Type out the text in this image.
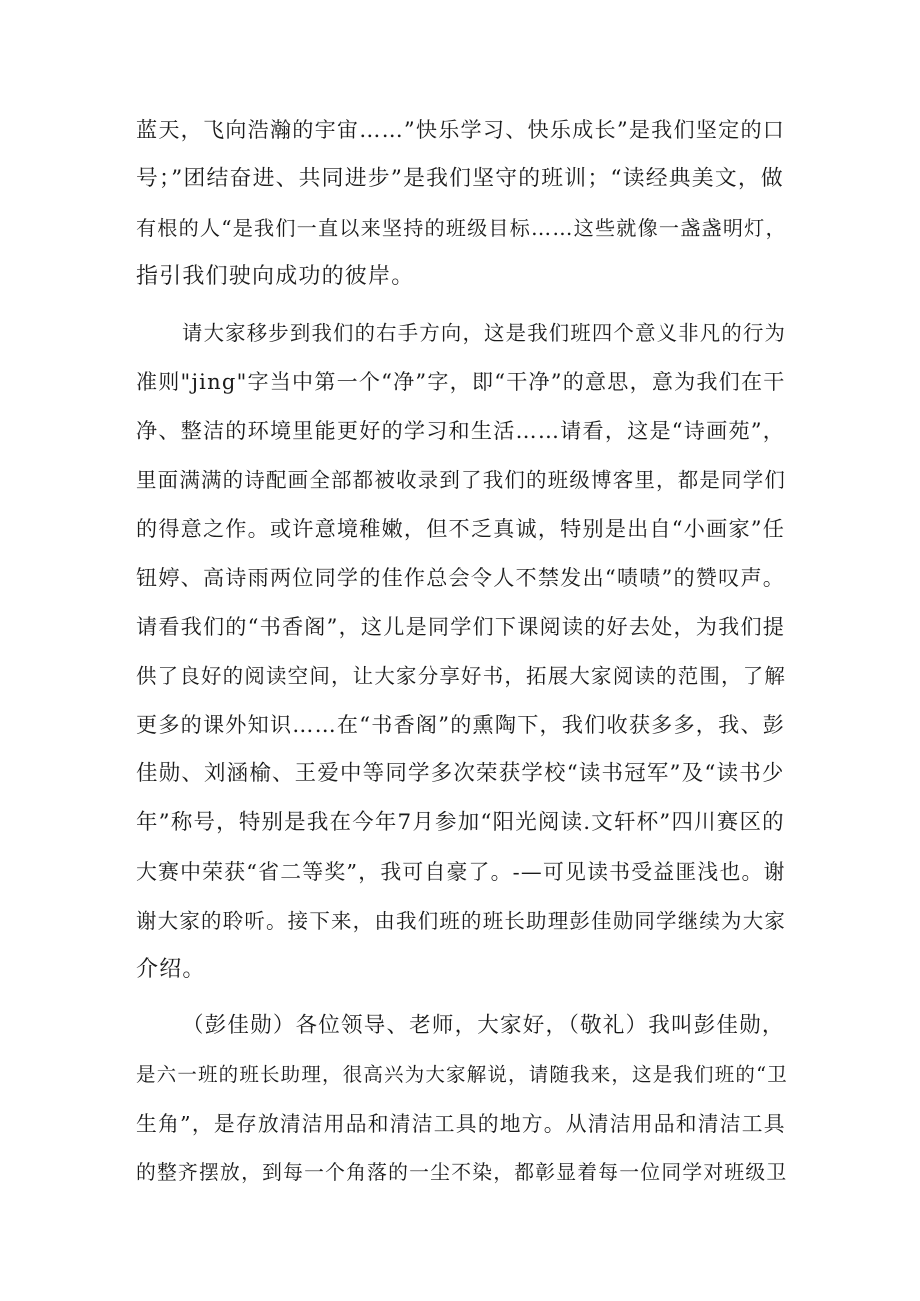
蓝天，飞向浩瀚的宇宙……”快乐学习、快乐成长”是我们坚定的口
号；”团结奋进、共同进步”是我们坚守的班训；“读经典美文，做
有根的人“是我们一直以来坚持的班级目标……这些就像一盏盏明灯，
指引我们驶向成功的彼岸。
请大家移步到我们的右手方向，这是我们班四个意义非凡的行为
准则"jing"字当中第一个“净”字，即“干净”的意思，意为我们在干
净、整洁的环境里能更好的学习和生活……请看，这是“诗画苑”，
里面满满的诗配画全部都被收录到了我们的班级博客里，都是同学们
的得意之作。或许意境稚嫩，但不乏真诚，特别是出自“小画家”任
钮婷、高诗雨两位同学的佳作总会令人不禁发出“啧啧”的赞叹声。
请看我们的“书香阁”，这儿是同学们下课阅读的好去处，为我们提
供了良好的阅读空间，让大家分享好书，拓展大家阅读的范围，了解
更多的课外知识……在“书香阁”的熏陶下，我们收获多多，我、彭
佳勋、刘涵榆、王爱中等同学多次荣获学校“读书冠军”及“读书少
年”称号，特别是我在今年7月参加“阳光阅读.文轩杯”四川赛区的
大赛中荣获“省二等奖”，我可自豪了。-—可见读书受益匪浅也。谢
谢大家的聆听。接下来，由我们班的班长助理彭佳勋同学继续为大家
介绍。
（彭佳勋）各位领导、老师，大家好，（敬礼）我叫彭佳勋，
是六一班的班长助理，很高兴为大家解说，请随我来，这是我们班的“卫
生角”，是存放清洁用品和清洁工具的地方。从清洁用品和清洁工具
的整齐摆放，到每一个角落的一尘不染，都彰显着每一位同学对班级卫
